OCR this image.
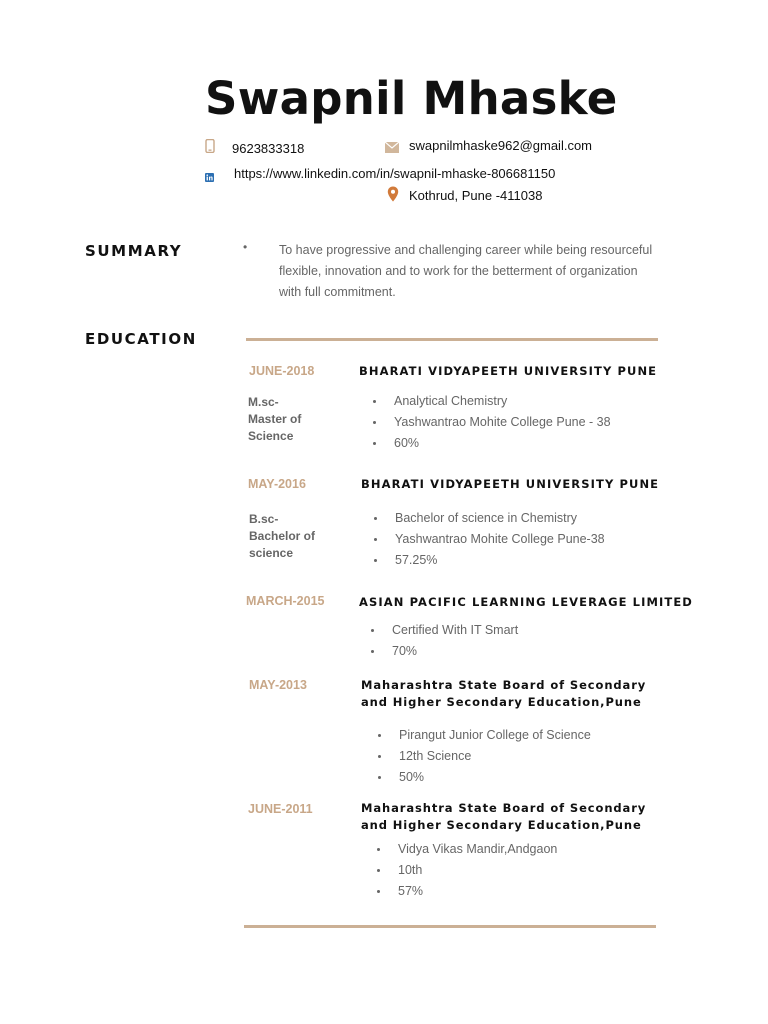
Swapnil Mhaske
9623833318	swapnilmhaske962@gmail.com
https://www.linkedin.com/in/swapnil-mhaske-806681150
Kothrud, Pune -411038
SUMMARY	•	To have progressive and challenging career while being resourceful
flexible, innovation and to work for the betterment of organization
with full commitment.
EDUCATION
JUNE-2018	BHARATI VIDYAPEETH UNIVERSITY PUNE
M.sc-
Master of
Science
Analytical Chemistry
Yashwantrao Mohite College Pune - 38
60%
MAY-2016	BHARATI VIDYAPEETH UNIVERSITY PUNE
B.sc-
Bachelor of
science
Bachelor of science in Chemistry
Yashwantrao Mohite College Pune-38
57.25%
MARCH-2015	ASIAN PACIFIC LEARNING LEVERAGE LIMITED
Certified With IT Smart
70%
MAY-2013	Maharashtra State Board of Secondary
and Higher Secondary Education,Pune
Pirangut Junior College of Science
12th Science
50%
JUNE-2011	Maharashtra State Board of Secondary
and Higher Secondary Education,Pune
Vidya Vikas Mandir,Andgaon
10th
57%
